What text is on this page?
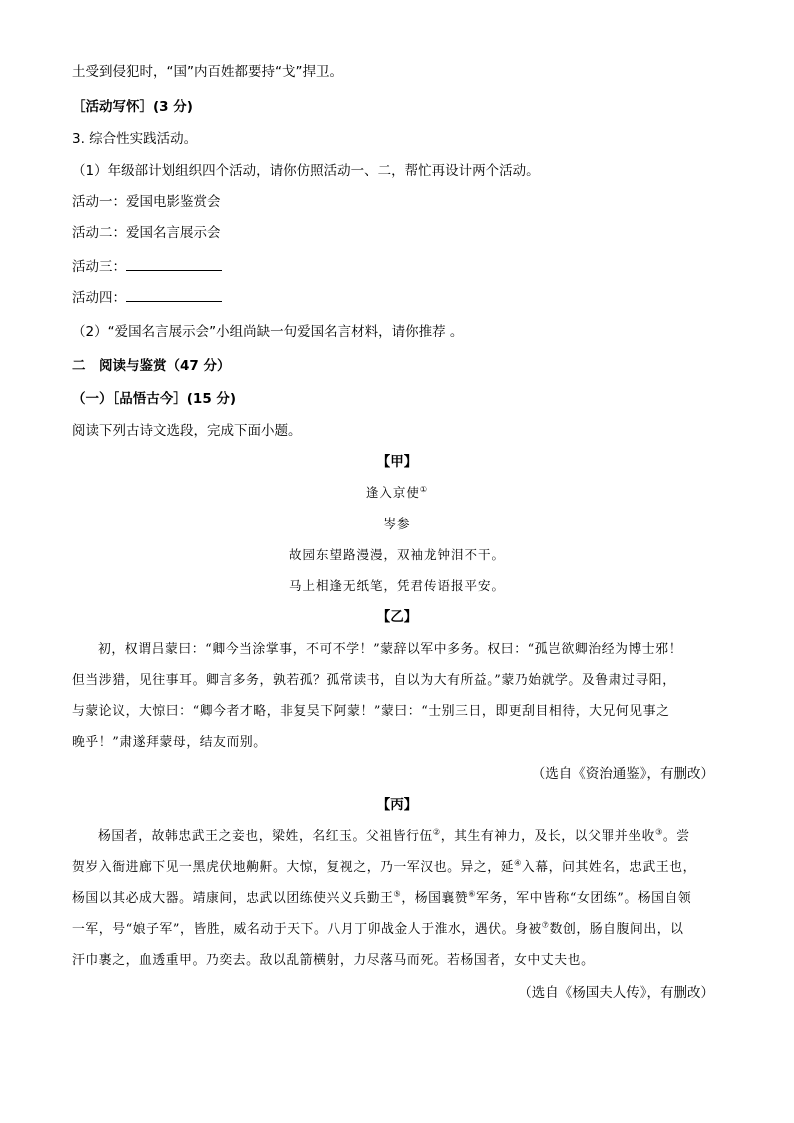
土受到侵犯时，“国”内百姓都要持“戈”捍卫。
［活动写怀］(3 分)
3. 综合性实践活动。
（1）年级部计划组织四个活动，请你仿照活动一、二，帮忙再设计两个活动。
活动一：爱国电影鉴赏会
活动二：爱国名言展示会
活动三：
活动四：
（2）“爱国名言展示会”小组尚缺一句爱国名言材料，请你推荐 。
二　阅读与鉴赏（47 分）
（一）［品悟古今］(15 分)
阅读下列古诗文选段，完成下面小题。
【甲】
逢入京使①
岑参
故园东望路漫漫，双袖龙钟泪不干。
马上相逢无纸笔，凭君传语报平安。
【乙】
初，权谓吕蒙曰：“卿今当涂掌事，不可不学！”蒙辞以军中多务。权曰：“孤岂欲卿治经为博士邪！
但当涉猎，见往事耳。卿言多务，孰若孤？孤常读书，自以为大有所益。”蒙乃始就学。及鲁肃过寻阳，
与蒙论议，大惊曰：“卿今者才略，非复吴下阿蒙！”蒙曰：“士别三日，即更刮目相待，大兄何见事之
晚乎！”肃遂拜蒙母，结友而别。
（选自《资治通鉴》，有删改）
【丙】
杨国者，故韩忠武王之妾也，梁姓，名红玉。父祖皆行伍②，其生有神力，及长，以父罪并坐收③。尝
贺岁入衙进廊下见一黑虎伏地齁鼾。大惊，复视之，乃一军汉也。异之，延④入幕，问其姓名，忠武王也，
杨国以其必成大器。靖康间，忠武以团练使兴义兵勤王⑤，杨国襄赞⑥军务，军中皆称“女团练”。杨国自领
一军，号“娘子军”，皆胜，威名动于天下。八月丁卯战金人于淮水，遇伏。身被⑦数创，肠自腹间出，以
汗巾裹之，血透重甲。乃奕去。敌以乱箭横射，力尽落马而死。若杨国者，女中丈夫也。
（选自《杨国夫人传》，有删改）
